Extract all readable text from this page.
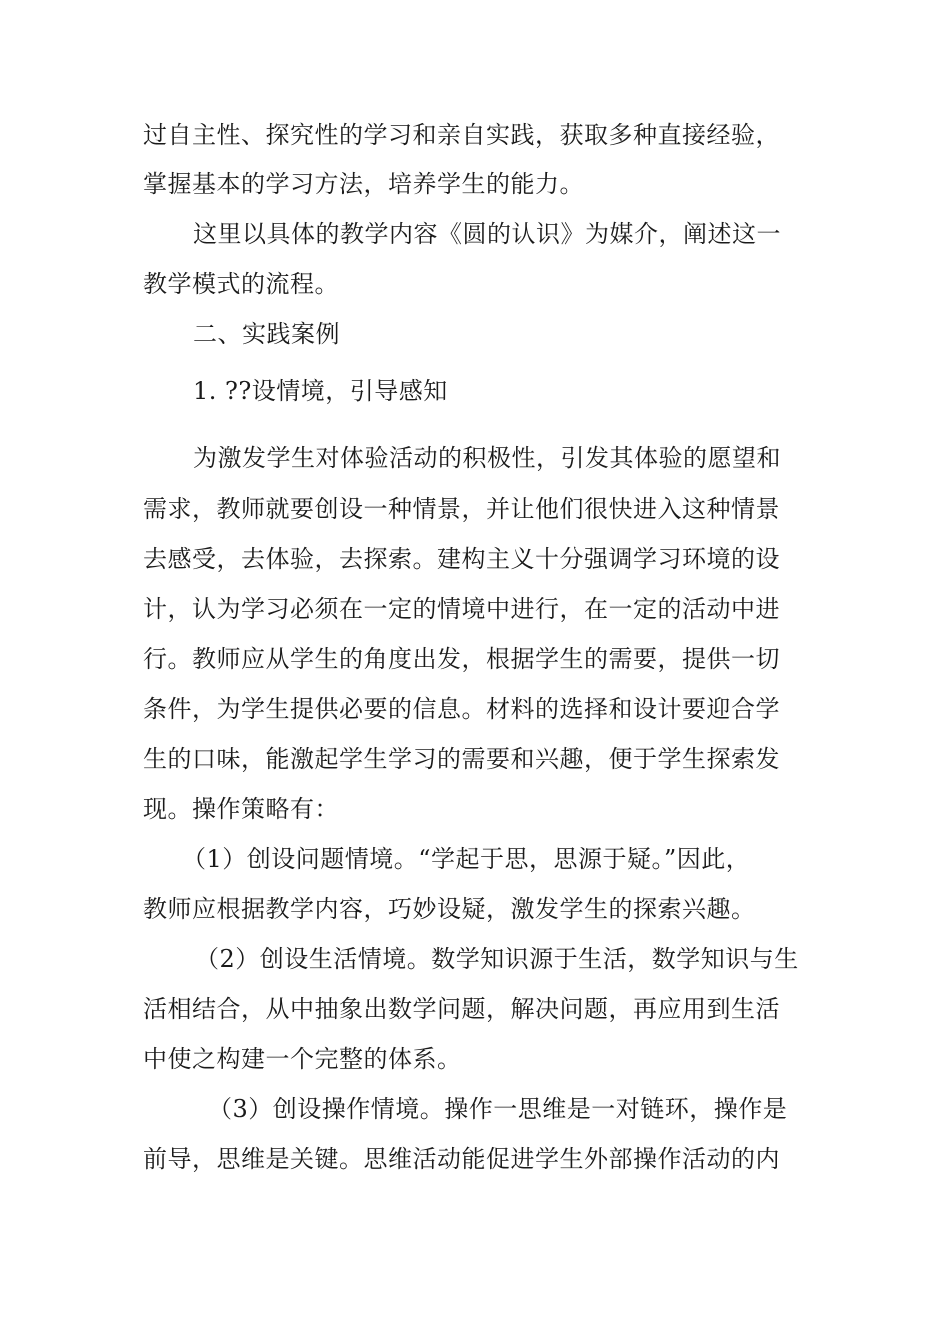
过自主性、探究性的学习和亲自实践，获取多种直接经验，
掌握基本的学习方法，培养学生的能力。
这里以具体的教学内容《圆的认识》为媒介，阐述这一
教学模式的流程。
二、实践案例
1. ??设情境，引导感知
为激发学生对体验活动的积极性，引发其体验的愿望和
需求，教师就要创设一种情景，并让他们很快进入这种情景
去感受，去体验，去探索。建构主义十分强调学习环境的设
计，认为学习必须在一定的情境中进行，在一定的活动中进
行。教师应从学生的角度出发，根据学生的需要，提供一切
条件，为学生提供必要的信息。材料的选择和设计要迎合学
生的口味，能激起学生学习的需要和兴趣，便于学生探索发
现。操作策略有：
（1）创设问题情境。“学起于思，思源于疑。”因此，
教师应根据教学内容，巧妙设疑，激发学生的探索兴趣。
（2）创设生活情境。数学知识源于生活，数学知识与生
活相结合，从中抽象出数学问题，解决问题，再应用到生活
中使之构建一个完整的体系。
（3）创设操作情境。操作一思维是一对链环，操作是
前导，思维是关键。思维活动能促进学生外部操作活动的内
